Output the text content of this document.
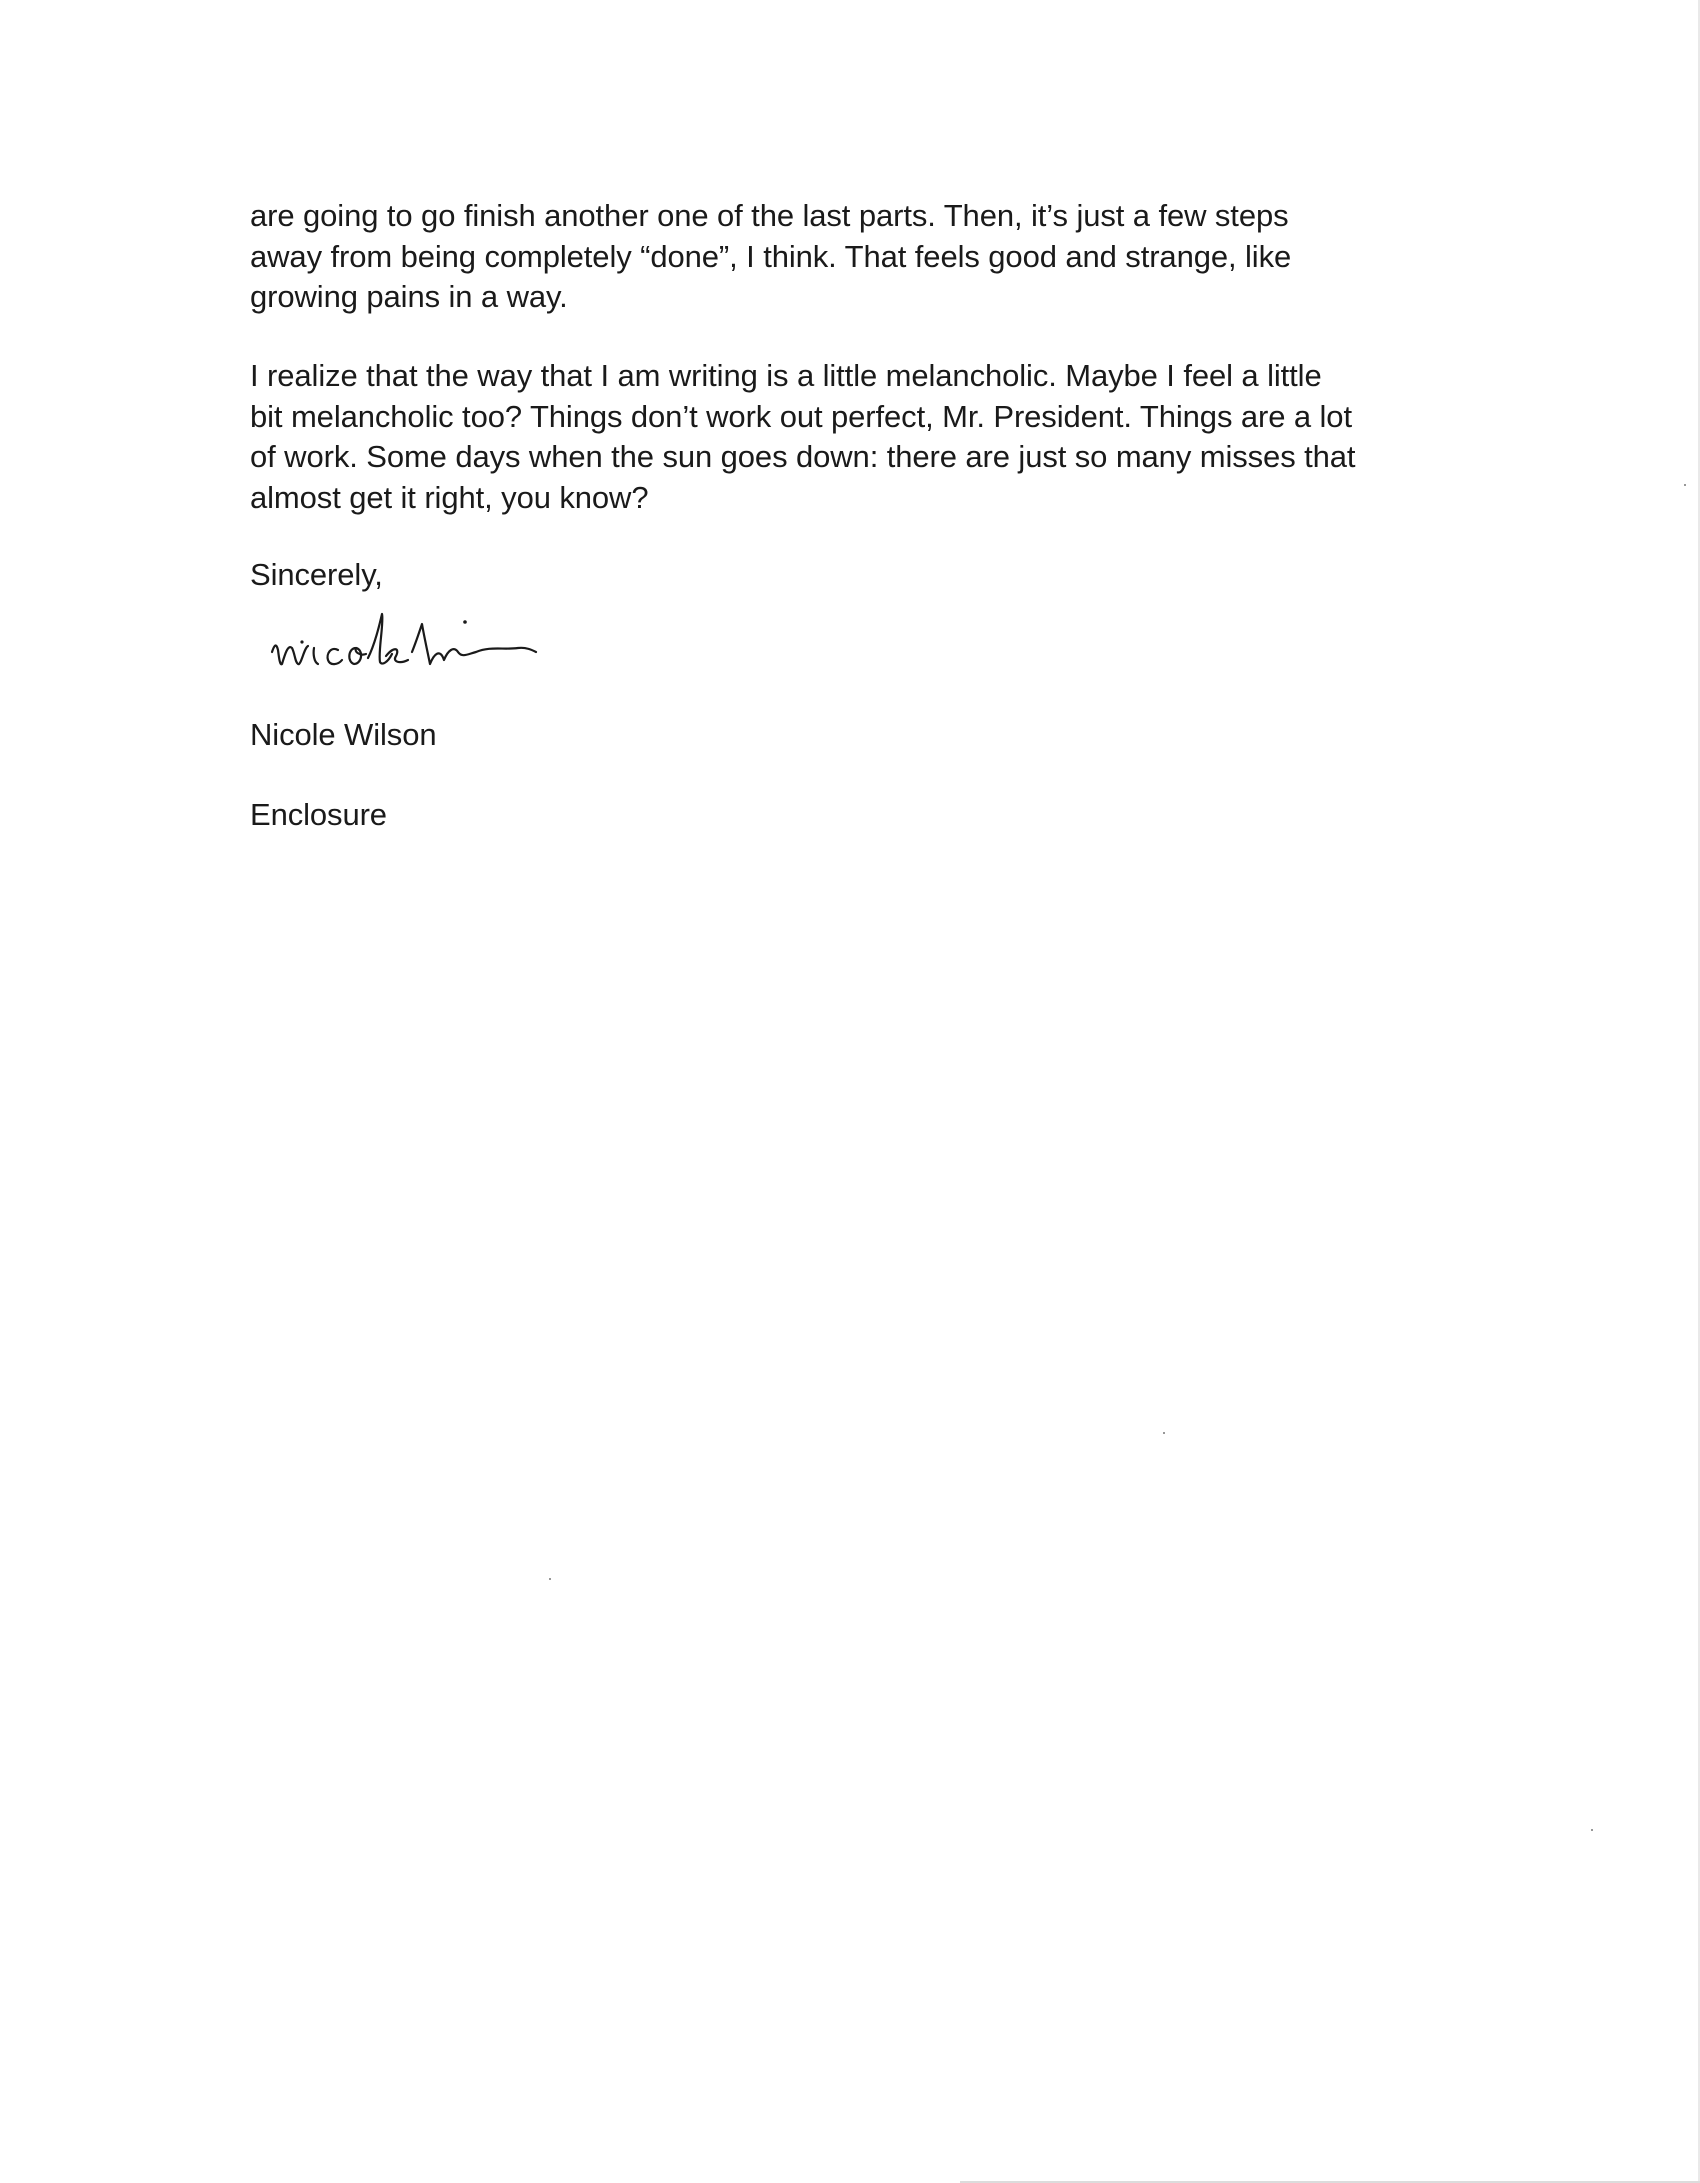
are going to go finish another one of the last parts. Then, it’s just a few steps
away from being completely “done”, I think. That feels good and strange, like
growing pains in a way.
I realize that the way that I am writing is a little melancholic. Maybe I feel a little
bit melancholic too? Things don’t work out perfect, Mr. President. Things are a lot
of work. Some days when the sun goes down: there are just so many misses that
almost get it right, you know?
Sincerely,
Nicole Wilson
Enclosure
